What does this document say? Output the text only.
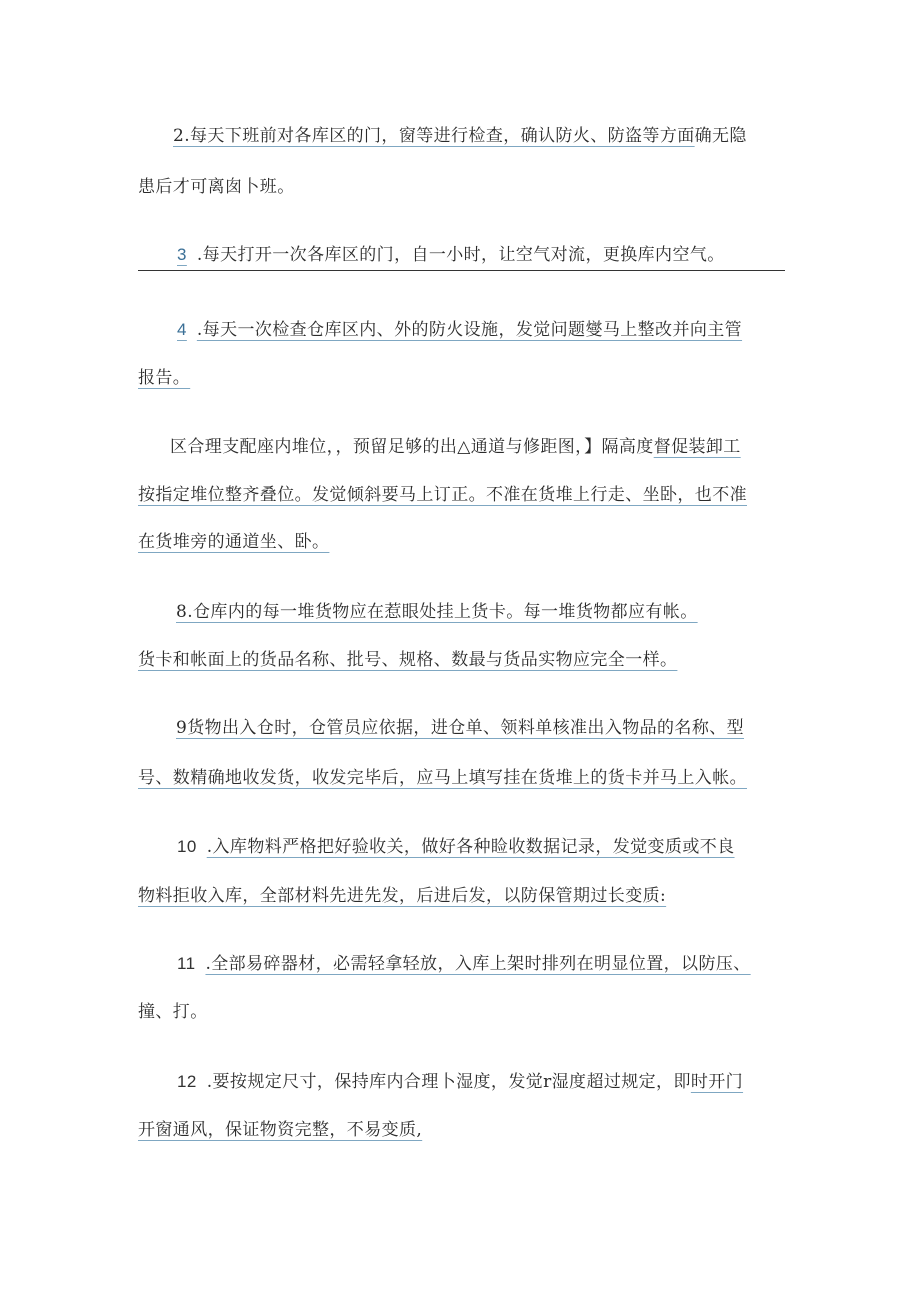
2.每天下班前对各库区的门，窗等进行检查，确认防火、防盗等方面确无隐
患后才可离囱卜班。
3 .每天打开一次各库区的门，自一小时，让空气对流，更换库内空气。
4 .每天一次检查仓库区内、外的防火设施，发觉问题燮马上整改并向主管
报告。
区合理支配座内堆位，，预留足够的出△通道与修距图，】隔高度督促装卸工
按指定堆位整齐叠位。发觉倾斜要马上订正。不准在货堆上行走、坐卧，也不准
在货堆旁的通道坐、卧。
8.仓库内的每一堆货物应在惹眼处挂上货卡。每一堆货物都应有帐。
货卡和帐面上的货品名称、批号、规格、数最与货品实物应完全一样。
9货物出入仓时，仓管员应依据，进仓单、领料单核准出入物品的名称、型
号、数精确地收发货，收发完毕后，应马上填写挂在货堆上的货卡并马上入帐。
10 .入库物料严格把好验收关，做好各种睑收数据记录，发觉变质或不良
物料拒收入库，全部材料先进先发，后进后发，以防保管期过长变质:
11 .全部易碎器材，必需轻拿轻放，入库上架时排列在明显位置，以防压、
撞、打。
12 .要按规定尺寸，保持库内合理卜湿度，发觉r湿度超过规定，即时开门
开窗通风，保证物资完整，不易变质,
